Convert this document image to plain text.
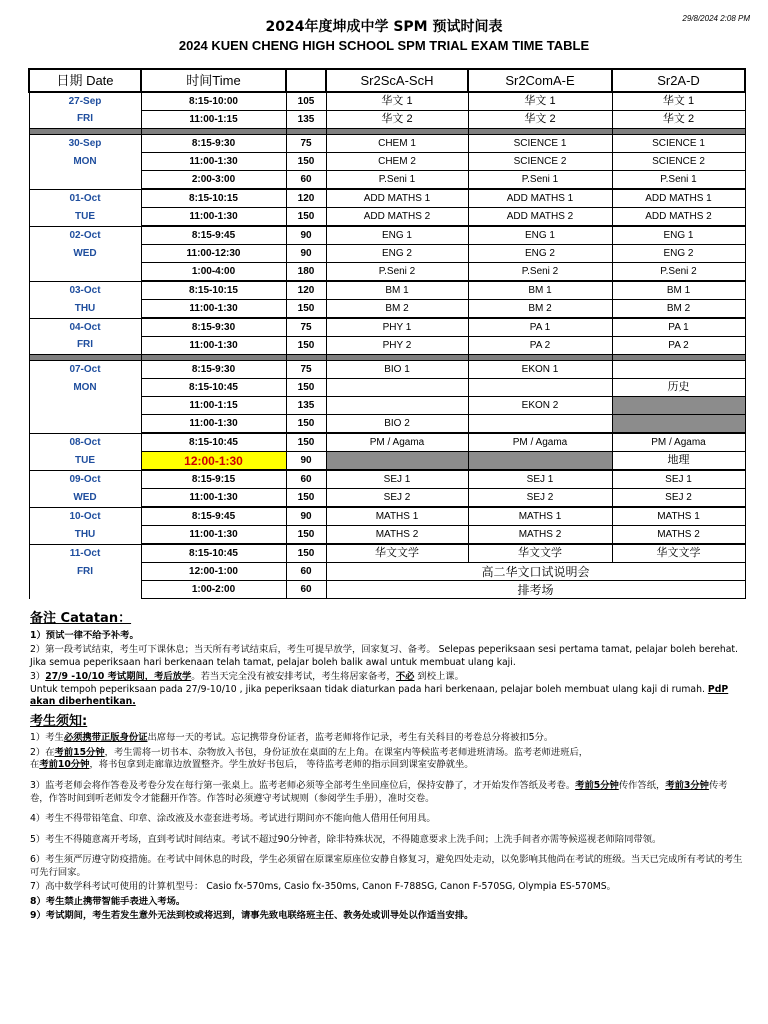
29/8/2024 2:08 PM
2024年度坤成中学 SPM 预试时间表
2024 KUEN CHENG HIGH SCHOOL SPM TRIAL EXAM TIME TABLE
日期 Date	时间Time		Sr2ScA-ScH	Sr2ComA-E	Sr2A-D
27-Sep	8:15-10:00	105	华文 1	华文 1	华文 1
FRI	11:00-1:15	135	华文 2	华文 2	华文 2

30-Sep	8:15-9:30	75	CHEM 1	SCIENCE 1	SCIENCE 1
MON	11:00-1:30	150	CHEM 2	SCIENCE 2	SCIENCE 2
	2:00-3:00	60	P.Seni 1	P.Seni 1	P.Seni 1
01-Oct	8:15-10:15	120	ADD MATHS 1	ADD MATHS 1	ADD MATHS 1
TUE	11:00-1:30	150	ADD MATHS 2	ADD MATHS 2	ADD MATHS 2
02-Oct	8:15-9:45	90	ENG 1	ENG 1	ENG 1
WED	11:00-12:30	90	ENG 2	ENG 2	ENG 2
	1:00-4:00	180	P.Seni 2	P.Seni 2	P.Seni 2
03-Oct	8:15-10:15	120	BM 1	BM 1	BM 1
THU	11:00-1:30	150	BM 2	BM 2	BM 2
04-Oct	8:15-9:30	75	PHY 1	PA 1	PA 1
FRI	11:00-1:30	150	PHY 2	PA 2	PA 2

07-Oct	8:15-9:30	75	BIO 1	EKON 1	
MON	8:15-10:45	150			历史
	11:00-1:15	135		EKON 2	
	11:00-1:30	150	BIO 2		
08-Oct	8:15-10:45	150	PM / Agama	PM / Agama	PM / Agama
TUE	12:00-1:30	90			地理
09-Oct	8:15-9:15	60	SEJ 1	SEJ 1	SEJ 1
WED	11:00-1:30	150	SEJ 2	SEJ 2	SEJ 2
10-Oct	8:15-9:45	90	MATHS 1	MATHS 1	MATHS 1
THU	11:00-1:30	150	MATHS 2	MATHS 2	MATHS 2
11-Oct	8:15-10:45	150	华文文学	华文文学	华文文学
FRI	12:00-1:00	60	高二华文口试说明会		
	1:00-2:00	60	排考场		

备注 Catatan：

1）预试一律不给予补考。

2）第一段考试结束，考生可下课休息；当天所有考试结束后，考生可提早放学，回家复习、备考。 Selepas peperiksaan sesi pertama tamat, pelajar boleh berehat. Jika semua peperiksaan hari berkenaan telah tamat, pelajar boleh balik awal untuk membuat ulang kaji.

3）27/9 -10/10 考试期间，考后放学。若当天完全没有被安排考试，考生将居家备考，不必 到校上课。
Untuk tempoh peperiksaan pada 27/9-10/10 , jika peperiksaan tidak diaturkan pada hari berkenaan, pelajar boleh membuat ulang kaji di rumah. PdP akan diberhentikan.

考生须知:

1）考生必须携带正版身份证出席每一天的考试。忘记携带身份证者，监考老师将作记录，考生有关科目的考卷总分将被扣5分。

2）在考前15分钟，考生需将一切书本、杂物放入书包，身份证放在桌面的左上角。在课室内等候监考老师进班清场。监考老师进班后，
在考前10分钟，将书包拿到走廊靠边放置整齐。学生放好书包后， 等待监考老师的指示回到课室安静就坐。

3）监考老师会将作答卷及考卷分发在每行第一张桌上。监考老师必须等全部考生坐回座位后，保持安静了，才开始发作答纸及考卷。考前5分钟传作答纸，考前3分钟传考卷，作答时间到听老师发令才能翻开作答。作答时必须遵守考试规则（参阅学生手册），准时交卷。

4）考生不得带铅笔盒、印章、涂改液及水壶套进考场。考试进行期间亦不能向他人借用任何用具。

5）考生不得随意离开考场，直到考试时间结束。考试不超过90分钟者，除非特殊状况，不得随意要求上洗手间；上洗手间者亦需等候巡视老师陪同带领。

6）考生须严厉遵守防疫措施。在考试中间休息的时段，学生必须留在原课室原座位安静自修复习，避免四处走动，以免影响其他尚在考试的班级。当天已完成所有考试的考生可先行回家。

7）高中数学科考试可使用的计算机型号： Casio fx-570ms, Casio fx-350ms, Canon F-788SG, Canon F-570SG, Olympia ES-570MS。

8）考生禁止携带智能手表进入考场。

9）考试期间，考生若发生意外无法到校或将迟到，请事先致电联络班主任、教务处或训导处以作适当安排。
